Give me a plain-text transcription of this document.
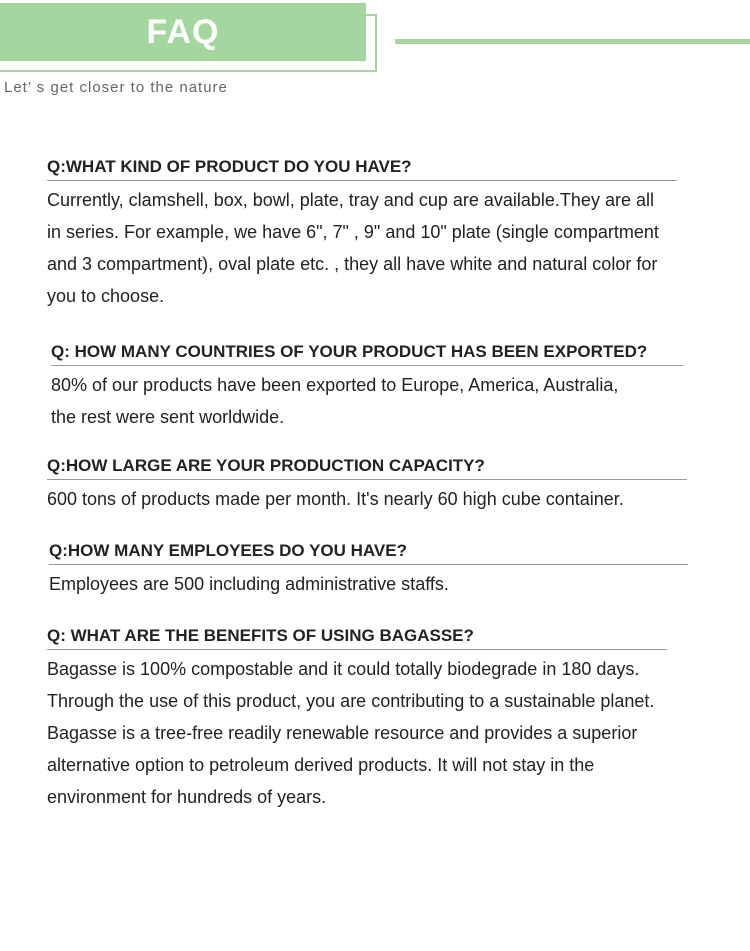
FAQ
Let’ s get closer to the nature
Q:WHAT KIND OF PRODUCT DO YOU HAVE?

Currently, clamshell, box, bowl, plate, tray and cup are available.They are all

in series. For example, we have 6", 7" , 9" and 10" plate (single compartment

and 3 compartment), oval plate etc. , they all have white and natural color for

you to choose.

Q: HOW MANY COUNTRIES OF YOUR PRODUCT HAS BEEN EXPORTED?

80% of our products have been exported to Europe, America, Australia,

the rest were sent worldwide.

Q:HOW LARGE ARE YOUR PRODUCTION CAPACITY?

600 tons of products made per month. It's nearly 60 high cube container.

Q:HOW MANY EMPLOYEES DO YOU HAVE?

Employees are 500 including administrative staffs.

Q: WHAT ARE THE BENEFITS OF USING BAGASSE?

Bagasse is 100% compostable and it could totally biodegrade in 180 days.

Through the use of this product, you are contributing to a sustainable planet.

Bagasse is a tree-free readily renewable resource and provides a superior

alternative option to petroleum derived products. It will not stay in the

environment for hundreds of years.
